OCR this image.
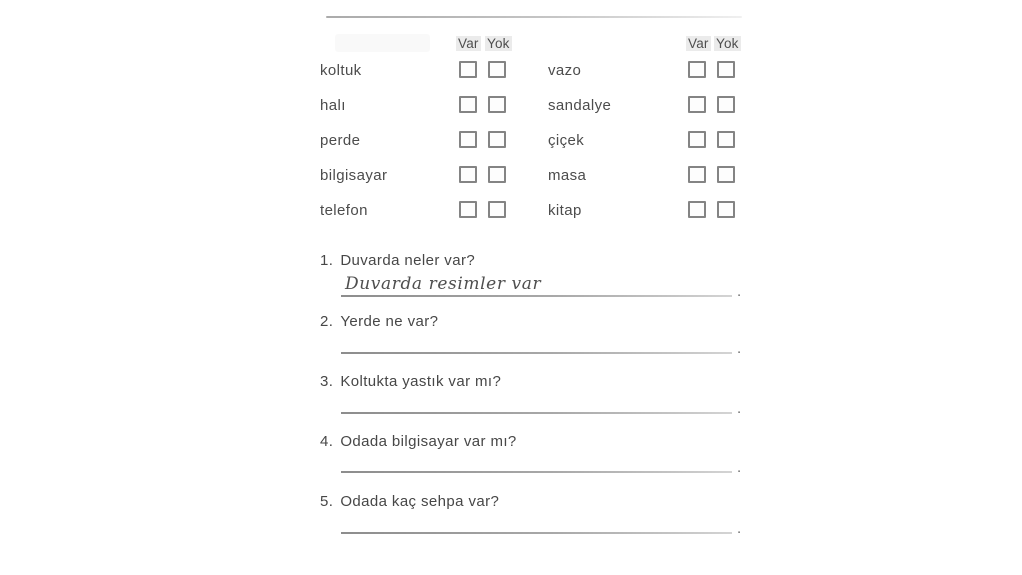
Var Yok	Var Yok
koltuk	vazo
halı	sandalye
perde	çiçek
bilgisayar	masa
telefon	kitap
1. Duvarda neler var?
Duvarda resimler var	.
2. Yerde ne var?
.
3. Koltukta yastık var mı?
.
4. Odada bilgisayar var mı?
.
5. Odada kaç sehpa var?
.
